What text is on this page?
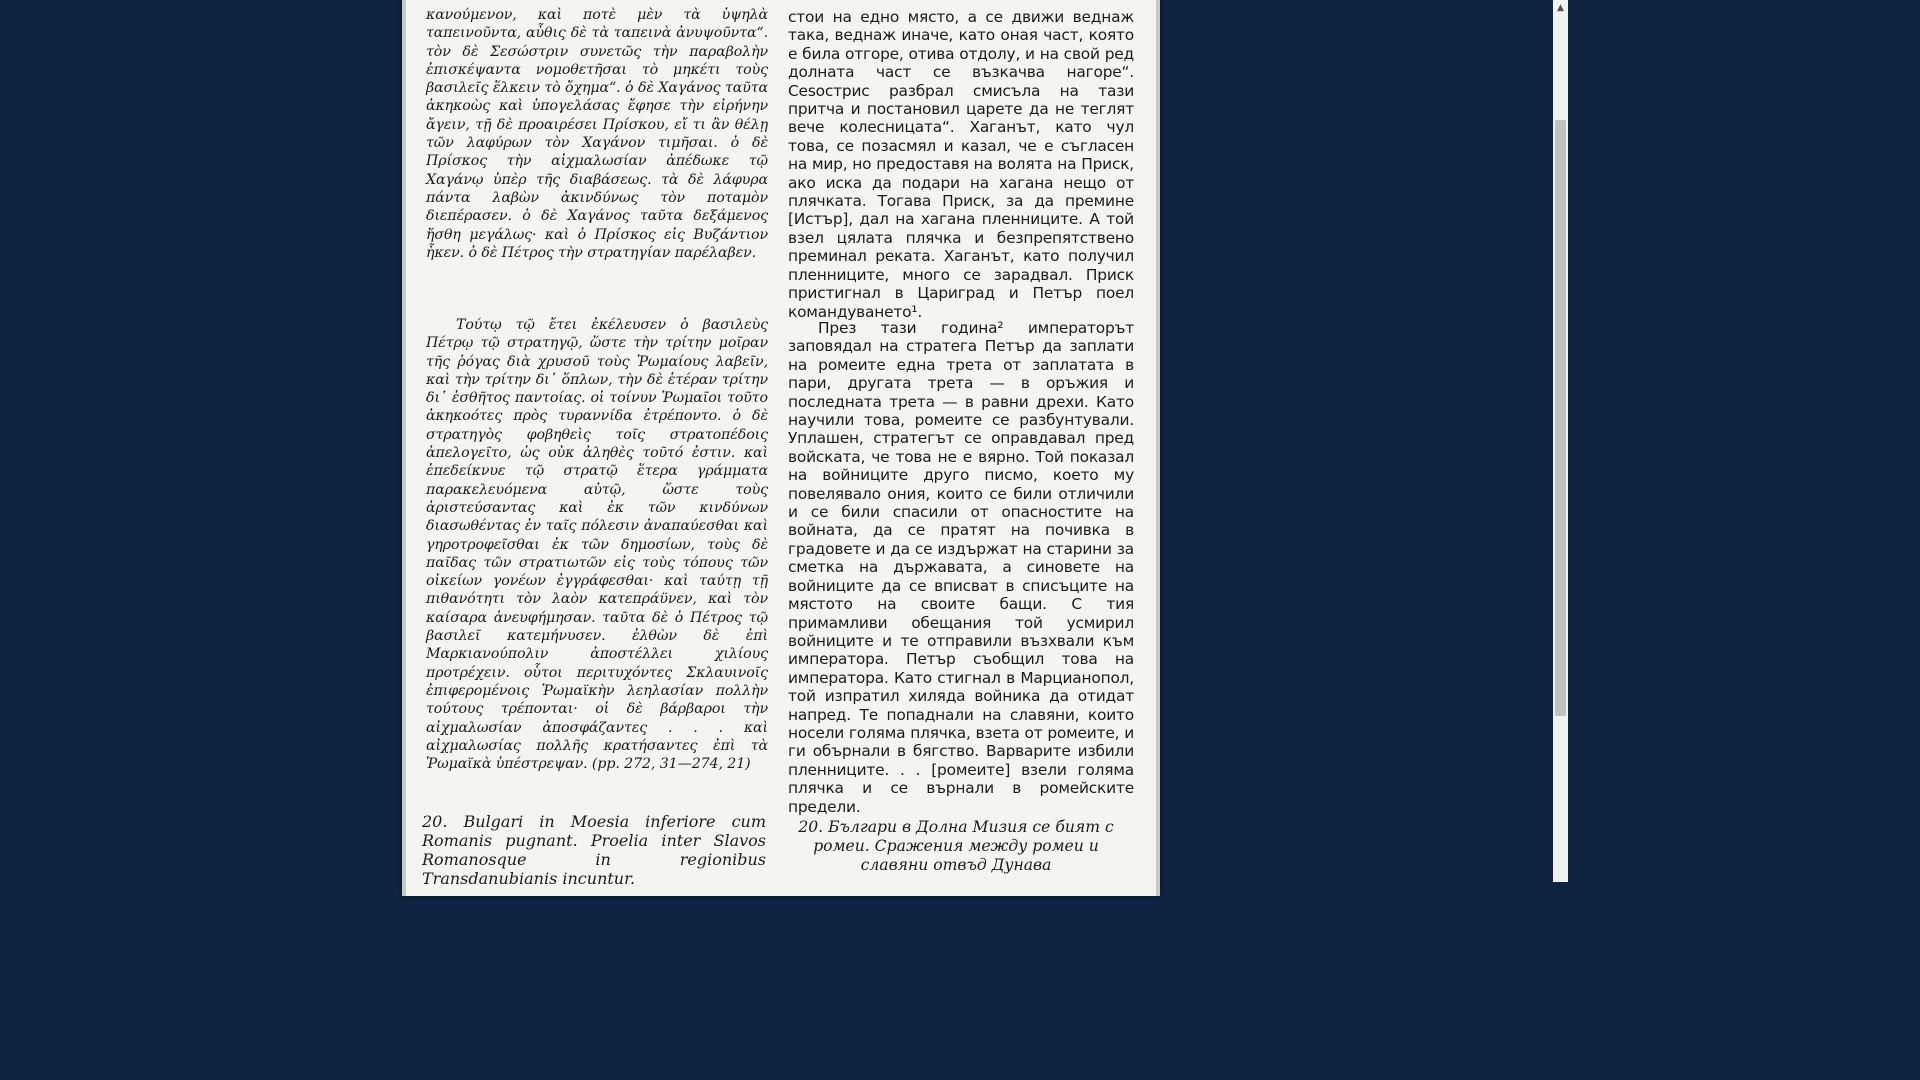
κανούμενον, καὶ ποτὲ μὲν τὰ ὑψηλὰ ταπεινοῦντα, αὖθις δὲ τὰ ταπεινὰ ἀνυψοῦντα“. τὸν δὲ Σεσώστριν συνετῶς τὴν παραβολὴν ἐπισκέψαντα νομοθετῆσαι τὸ μηκέτι τοὺς βασιλεῖς ἕλκειν τὸ ὄχημα“. ὁ δὲ Χαγάνος ταῦτα ἀκηκοὼς καὶ ὑπογελάσας ἔφησε τὴν εἰρήνην ἄγειν, τῇ δὲ προαιρέσει Πρίσκου, εἴ τι ἂν θέλῃ τῶν λαφύρων τὸν Χαγάνον τιμῆσαι. ὁ δὲ Πρίσκος τὴν αἰχμαλωσίαν ἀπέδωκε τῷ Χαγάνῳ ὑπὲρ τῆς διαβάσεως. τὰ δὲ λάφυρα πάντα λαβὼν ἀκινδύνως τὸν ποταμὸν διεπέρασεν. ὁ δὲ Χαγάνος ταῦτα δεξάμενος ἥσθη μεγάλως· καὶ ὁ Πρίσκος εἰς Βυζάντιον ἧκεν. ὁ δὲ Πέτρος τὴν στρατηγίαν παρέλαβεν.

Τούτῳ τῷ ἔτει ἐκέλευσεν ὁ βασιλεὺς Πέτρῳ τῷ στρατηγῷ, ὥστε τὴν τρίτην μοῖραν τῆς ῥόγας διὰ χρυσοῦ τοὺς Ῥωμαίους λαβεῖν, καὶ τὴν τρίτην δι᾿ ὅπλων, τὴν δὲ ἑτέραν τρίτην δι᾿ ἐσθῆτος παντοίας. οἱ τοίνυν Ῥωμαῖοι τοῦτο ἀκηκοότες πρὸς τυραννίδα ἐτρέποντο. ὁ δὲ στρατηγὸς φοβηθεὶς τοῖς στρατοπέδοις ἀπελογεῖτο, ὡς οὐκ ἀληθὲς τοῦτό ἐστιν. καὶ ἐπεδείκνυε τῷ στρατῷ ἕτερα γράμματα παρακελευόμενα αὐτῷ, ὥστε τοὺς ἀριστεύσαντας καὶ ἐκ τῶν κινδύνων διασωθέντας ἐν ταῖς πόλεσιν ἀναπαύεσθαι καὶ γηροτροφεῖσθαι ἐκ τῶν δημοσίων, τοὺς δὲ παῖδας τῶν στρατιωτῶν εἰς τοὺς τόπους τῶν οἰκείων γονέων ἐγγράφεσθαι· καὶ ταύτῃ τῇ πιθανότητι τὸν λαὸν κατεπράϋνεν, καὶ τὸν καίσαρα ἀνευφήμησαν. ταῦτα δὲ ὁ Πέτρος τῷ βασιλεῖ κατεμήνυσεν. ἐλθὼν δὲ ἐπὶ Μαρκιανούπολιν ἀποστέλλει χιλίους προτρέχειν. οὗτοι περιτυχόντες Σκλαυινοῖς ἐπιφερομένοις Ῥωμαϊκὴν λεηλασίαν πολλὴν τούτους τρέπονται· οἱ δὲ βάρβαροι τὴν αἰχμαλωσίαν ἀποσφάζαντες . . . καὶ αἰχμαλωσίας πολλῆς κρατήσαντες ἐπὶ τὰ Ῥωμαϊκὰ ὑπέστρεψαν. (pp. 272, 31—274, 21)

стои на едно място, а се движи веднаж така, веднаж иначе, като оная част, която е била отгоре, отива отдолу, и на свой ред долната част се възкачва нагоре“. Сеsострис разбрал смисъла на тази притча и постановил царете да не теглят вече колесницата“. Хаганът, като чул това, се позасмял и казал, че е съгласен на мир, но предоставя на волята на Приск, ако иска да подари на хагана нещо от плячката. Тогава Приск, за да премине [Истър], дал на хагана пленниците. А той взел цялата плячка и безпрепятствено преминал реката. Хаганът, като получил пленниците, много се зарадвал. Приск пристигнал в Цариград и Петър поел командуването¹.

През тази година² императорът заповядал на стратега Петър да заплати на ромеите една трета от заплатата в пари, другата трета — в оръжия и последната трета — в равни дрехи. Като научили това, ромеите се разбунтували. Уплашен, стратегът се оправдавал пред войската, че това не е вярно. Той показал на войниците друго писмо, което му повелявало ония, които се били отличили и се били спасили от опасностите на войната, да се пратят на почивка в градовете и да се издържат на старини за сметка на държавата, а синовете на войниците да се вписват в списъците на мястото на своите бащи. С тия примамливи обещания той усмирил войниците и те отправили възхвали към императора. Петър съобщил това на императора. Като стигнал в Марцианопол, той изпратил хиляда войника да отидат напред. Те попаднали на славяни, които носели голяма плячка, взета от ромеите, и ги обърнали в бягство. Варварите избили пленниците. . . [ромеите] взели голяма плячка и се върнали в ромейските предели.

20. Bulgari in Moesia inferiore cum Romanis pugnant. Proelia inter Slavos Romanosque in regionibus Transdanubianis incuntur.
20. Българи в Долна Мизия се бият с ромеи. Сражения между ромеи и славяни отвъд Дунава
▲
